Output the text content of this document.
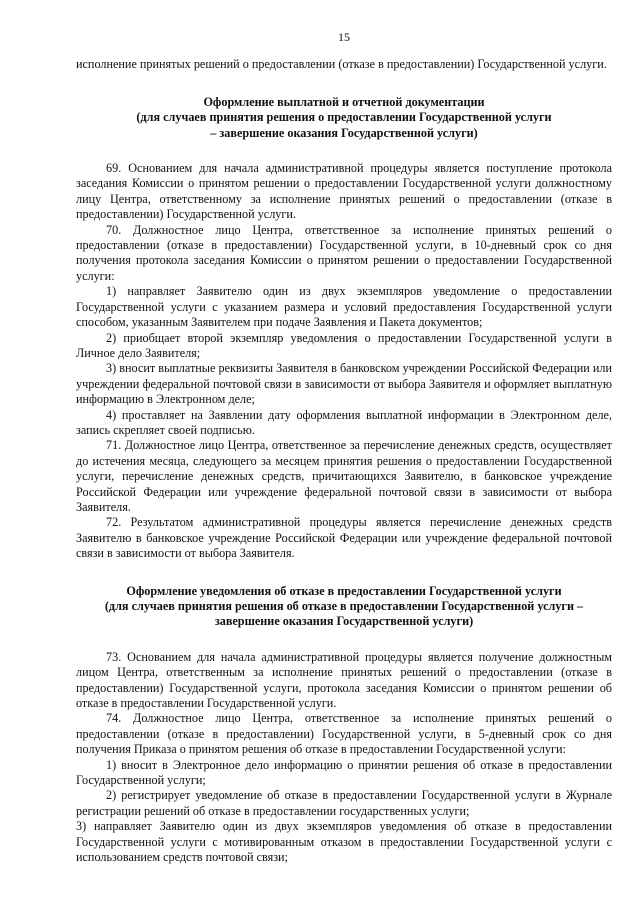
15

исполнение принятых решений о предоставлении (отказе в предоставлении) Государственной услуги.

Оформление выплатной и отчетной документации
(для случаев принятия решения о предоставлении Государственной услуги
– завершение оказания Государственной услуги)

69. Основанием для начала административной процедуры является поступление протокола заседания Комиссии о принятом решении о предоставлении Государственной услуги должностному лицу Центра, ответственному за исполнение принятых решений о предоставлении (отказе в предоставлении) Государственной услуги.

70. Должностное лицо Центра, ответственное за исполнение принятых решений о предоставлении (отказе в предоставлении) Государственной услуги, в 10-дневный срок со дня получения протокола заседания Комиссии о принятом решении о предоставлении Государственной услуги:

1) направляет Заявителю один из двух экземпляров уведомление о предоставлении Государственной услуги с указанием размера и условий предоставления Государственной услуги способом, указанным Заявителем при подаче Заявления и Пакета документов;

2) приобщает второй экземпляр уведомления о предоставлении Государственной услуги в Личное дело Заявителя;

3) вносит выплатные реквизиты Заявителя в банковском учреждении Российской Федерации или учреждении федеральной почтовой связи в зависимости от выбора Заявителя и оформляет выплатную информацию в Электронном деле;

4) проставляет на Заявлении дату оформления выплатной информации в Электронном деле, запись скрепляет своей подписью.

71. Должностное лицо Центра, ответственное за перечисление денежных средств, осуществляет до истечения месяца, следующего за месяцем принятия решения о предоставлении Государственной услуги, перечисление денежных средств, причитающихся Заявителю, в банковское учреждение Российской Федерации или учреждение федеральной почтовой связи в зависимости от выбора Заявителя.

72. Результатом административной процедуры является перечисление денежных средств Заявителю в банковское учреждение Российской Федерации или учреждение федеральной почтовой связи в зависимости от выбора Заявителя.

Оформление уведомления об отказе в предоставлении Государственной услуги
(для случаев принятия решения об отказе в предоставлении Государственной услуги –
завершение оказания Государственной услуги)

73. Основанием для начала административной процедуры является получение должностным лицом Центра, ответственным за исполнение принятых решений о предоставлении (отказе в предоставлении) Государственной услуги, протокола заседания Комиссии о принятом решении об отказе в предоставлении Государственной услуги.

74. Должностное лицо Центра, ответственное за исполнение принятых решений о предоставлении (отказе в предоставлении) Государственной услуги, в 5-дневный срок со дня получения Приказа о принятом решения об отказе в предоставлении Государственной услуги:

1) вносит в Электронное дело информацию о принятии решения об отказе в предоставлении Государственной услуги;

2) регистрирует уведомление об отказе в предоставлении Государственной услуги в Журнале регистрации решений об отказе в предоставлении государственных услуги;

3) направляет Заявителю один из двух экземпляров уведомления об отказе в предоставлении Государственной услуги с мотивированным отказом в предоставлении Государственной услуги с использованием средств почтовой связи;
